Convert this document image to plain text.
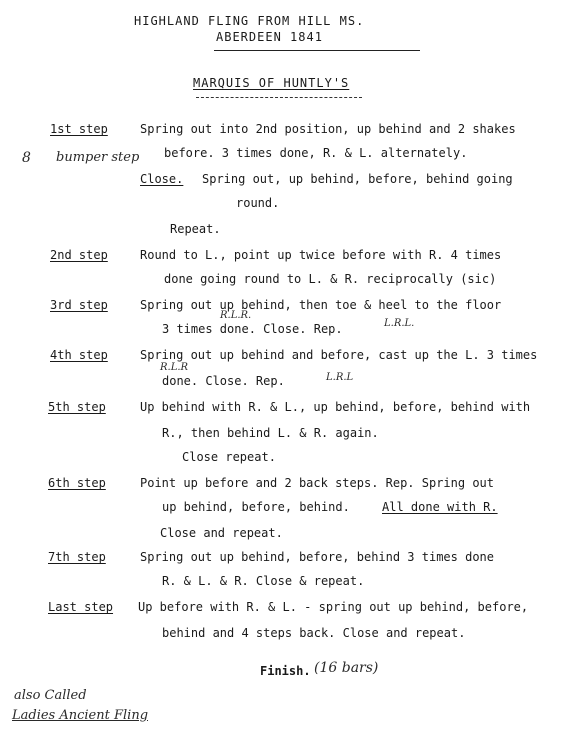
HIGHLAND FLING FROM HILL MS.
ABERDEEN 1841
MARQUIS OF HUNTLY'S
1st step	Spring out into 2nd position, up behind and 2 shakes
8 bumper step before. 3 times done, R. & L. alternately.
Close. Spring out, up behind, before, behind going
round.
Repeat.
2nd step	Round to L., point up twice before with R. 4 times
done going round to L. & R. reciprocally (sic)
3rd step	Spring out up behind, then toe & heel to the floor
R.L.R.
3 times done. Close. Rep.	L.R.L.
4th step	Spring out up behind and before, cast up the L. 3 times
R.L.R
done. Close. Rep.	L.R.L
5th step	Up behind with R. & L., up behind, before, behind with
R., then behind L. & R. again.
Close repeat.
6th step	Point up before and 2 back steps. Rep. Spring out
up behind, before, behind.	All done with R.
Close and repeat.
7th step	Spring out up behind, before, behind 3 times done
R. & L. & R. Close & repeat.
Last step Up before with R. & L. - spring out up behind, before,
behind and 4 steps back. Close and repeat.
Finish. (16 bars)
also Called
Ladies Ancient Fling
